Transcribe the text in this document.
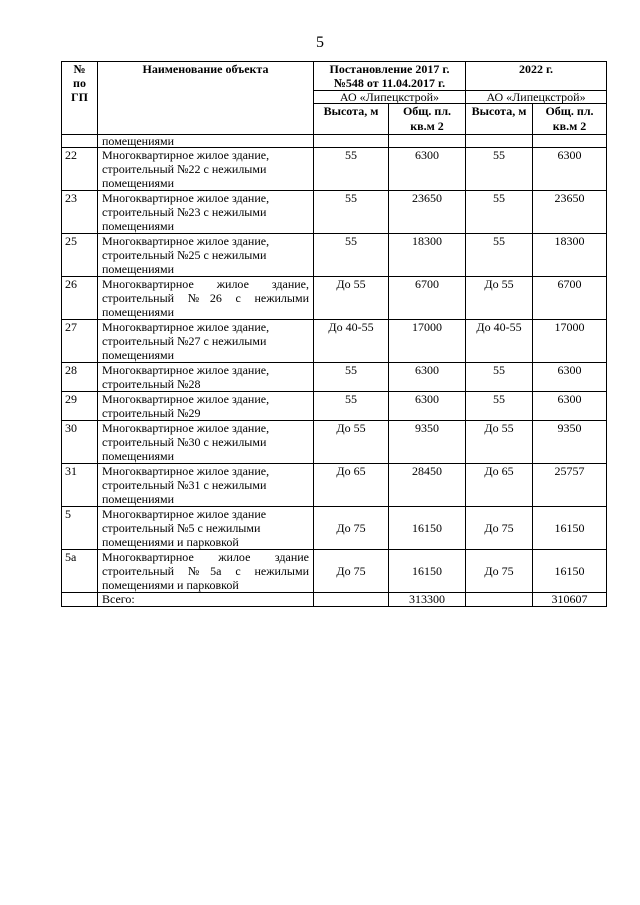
5
№ по ГП	Наименование объекта	Постановление 2017 г. №548 от 11.04.2017 г.		2022 г.	
		АО «Липецкстрой»		АО «Липецкстрой»	
		Высота, м	Общ. пл. кв.м 2	Высота, м	Общ. пл. кв.м 2
	помещениями				
22	Многоквартирное жилое здание, строительный №22 с нежилыми помещениями	55	6300	55	6300
23	Многоквартирное жилое здание, строительный №23 с нежилыми помещениями	55	23650	55	23650
25	Многоквартирное жилое здание, строительный №25 с нежилыми помещениями	55	18300	55	18300
26	Многоквартирное жилое здание, строительный №26 с нежилыми помещениями	До 55	6700	До 55	6700
27	Многоквартирное жилое здание, строительный №27 с нежилыми помещениями	До 40-55	17000	До 40-55	17000
28	Многоквартирное жилое здание, строительный №28	55	6300	55	6300
29	Многоквартирное жилое здание, строительный №29	55	6300	55	6300
30	Многоквартирное жилое здание, строительный №30 с нежилыми помещениями	До 55	9350	До 55	9350
31	Многоквартирное жилое здание, строительный №31 с нежилыми помещениями	До 65	28450	До 65	25757
5	Многоквартирное жилое здание строительный №5 с нежилыми помещениями и парковкой	До 75	16150	До 75	16150
5а	Многоквартирное жилое здание строительный №5а с нежилыми помещениями и парковкой	До 75	16150	До 75	16150
	Всего:		313300		310607
